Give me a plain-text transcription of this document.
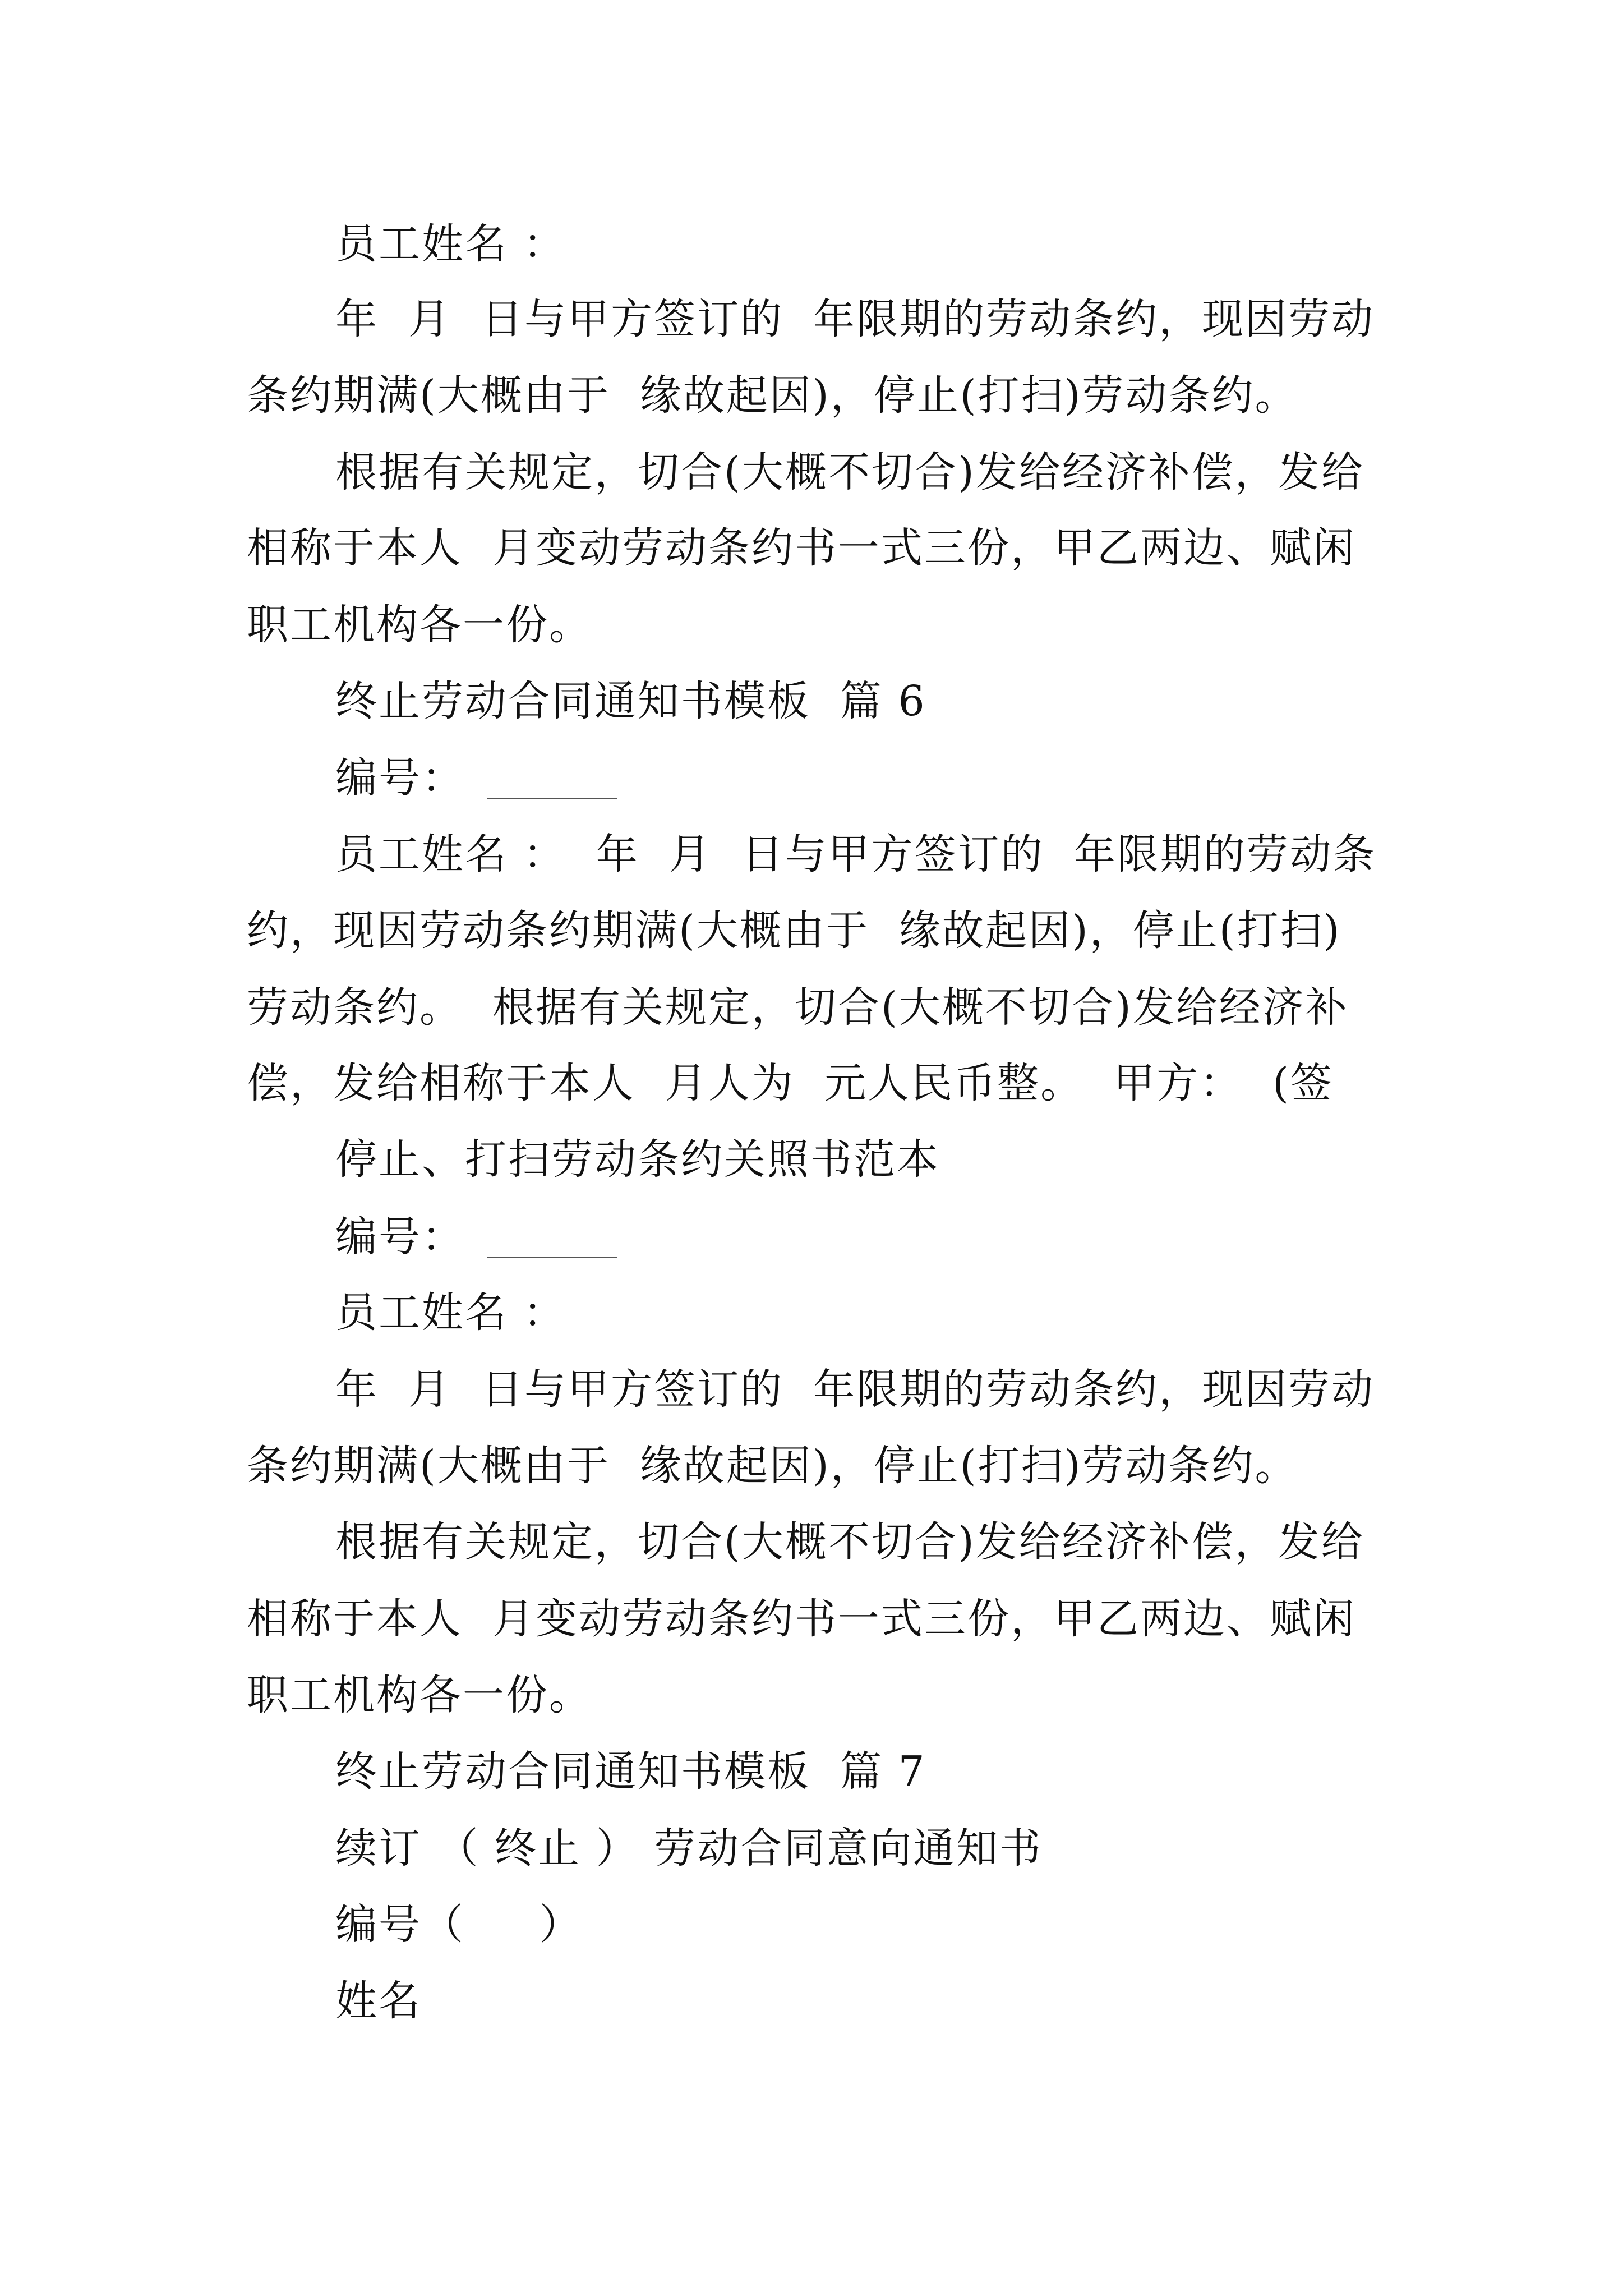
员工姓名 ：
年  月  日与甲方签订的  年限期的劳动条约，现因劳动
条约期满(大概由于  缘故起因)，停止(打扫)劳动条约。
根据有关规定，切合(大概不切合)发给经济补偿，发给
相称于本人  月变动劳动条约书一式三份，甲乙两边、赋闲
职工机构各一份。
终止劳动合同通知书模板  篇 6
编号：
员工姓名 ：  年  月  日与甲方签订的  年限期的劳动条
约，现因劳动条约期满(大概由于  缘故起因)，停止(打扫)
劳动条约。  根据有关规定，切合(大概不切合)发给经济补
偿，发给相称于本人  月人为  元人民币整。  甲方：  (签
停止、打扫劳动条约关照书范本
编号：
员工姓名 ：
年  月  日与甲方签订的  年限期的劳动条约，现因劳动
条约期满(大概由于  缘故起因)，停止(打扫)劳动条约。
根据有关规定，切合(大概不切合)发给经济补偿，发给
相称于本人  月变动劳动条约书一式三份，甲乙两边、赋闲
职工机构各一份。
终止劳动合同通知书模板  篇 7
续订 （ 终止 ） 劳动合同意向通知书
编号（     ）
姓名
